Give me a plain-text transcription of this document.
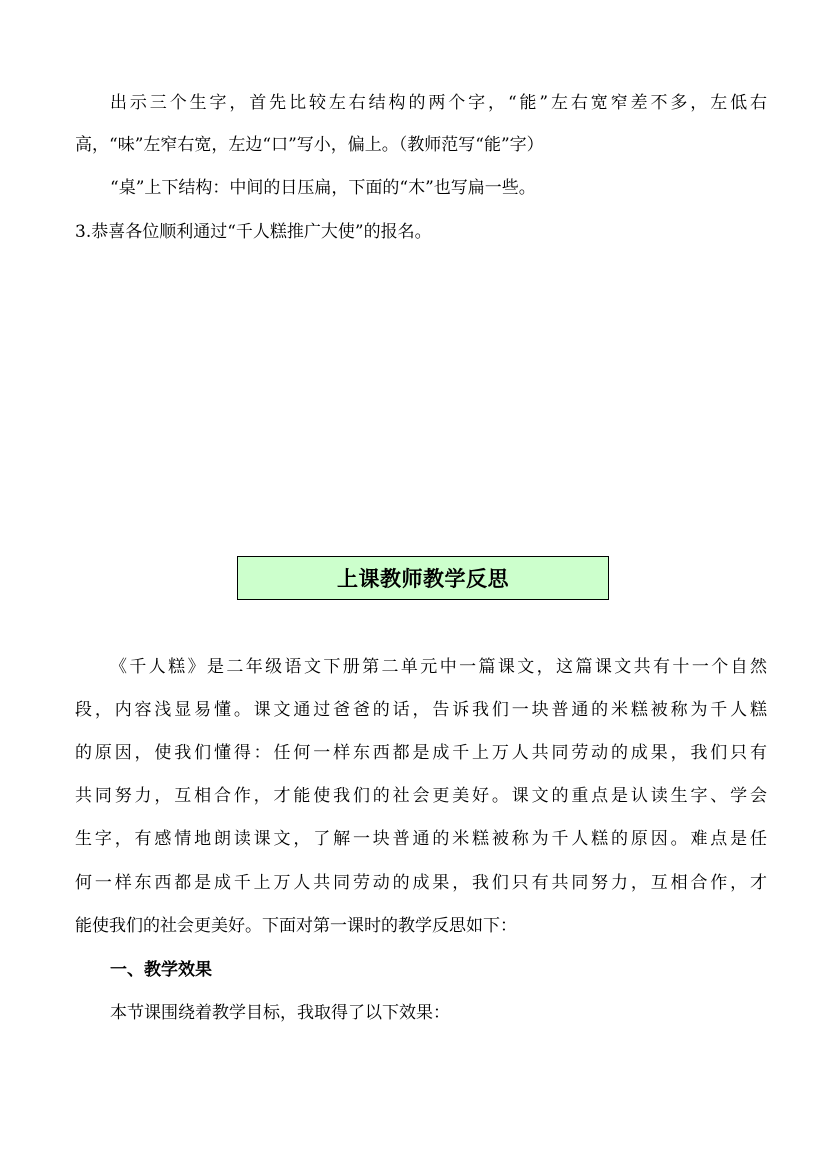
出示三个生字，首先比较左右结构的两个字，“能”左右宽窄差不多，左低右
高，“味”左窄右宽，左边“口”写小，偏上。（教师范写“能”字）
“桌”上下结构：中间的日压扁，下面的“木”也写扁一些。
3.恭喜各位顺利通过“千人糕推广大使”的报名。
上课教师教学反思
《千人糕》是二年级语文下册第二单元中一篇课文，这篇课文共有十一个自然
段，内容浅显易懂。课文通过爸爸的话，告诉我们一块普通的米糕被称为千人糕
的原因，使我们懂得：任何一样东西都是成千上万人共同劳动的成果，我们只有
共同努力，互相合作，才能使我们的社会更美好。课文的重点是认读生字、学会
生字，有感情地朗读课文，了解一块普通的米糕被称为千人糕的原因。难点是任
何一样东西都是成千上万人共同劳动的成果，我们只有共同努力，互相合作，才
能使我们的社会更美好。下面对第一课时的教学反思如下：
一、教学效果
本节课围绕着教学目标，我取得了以下效果：
